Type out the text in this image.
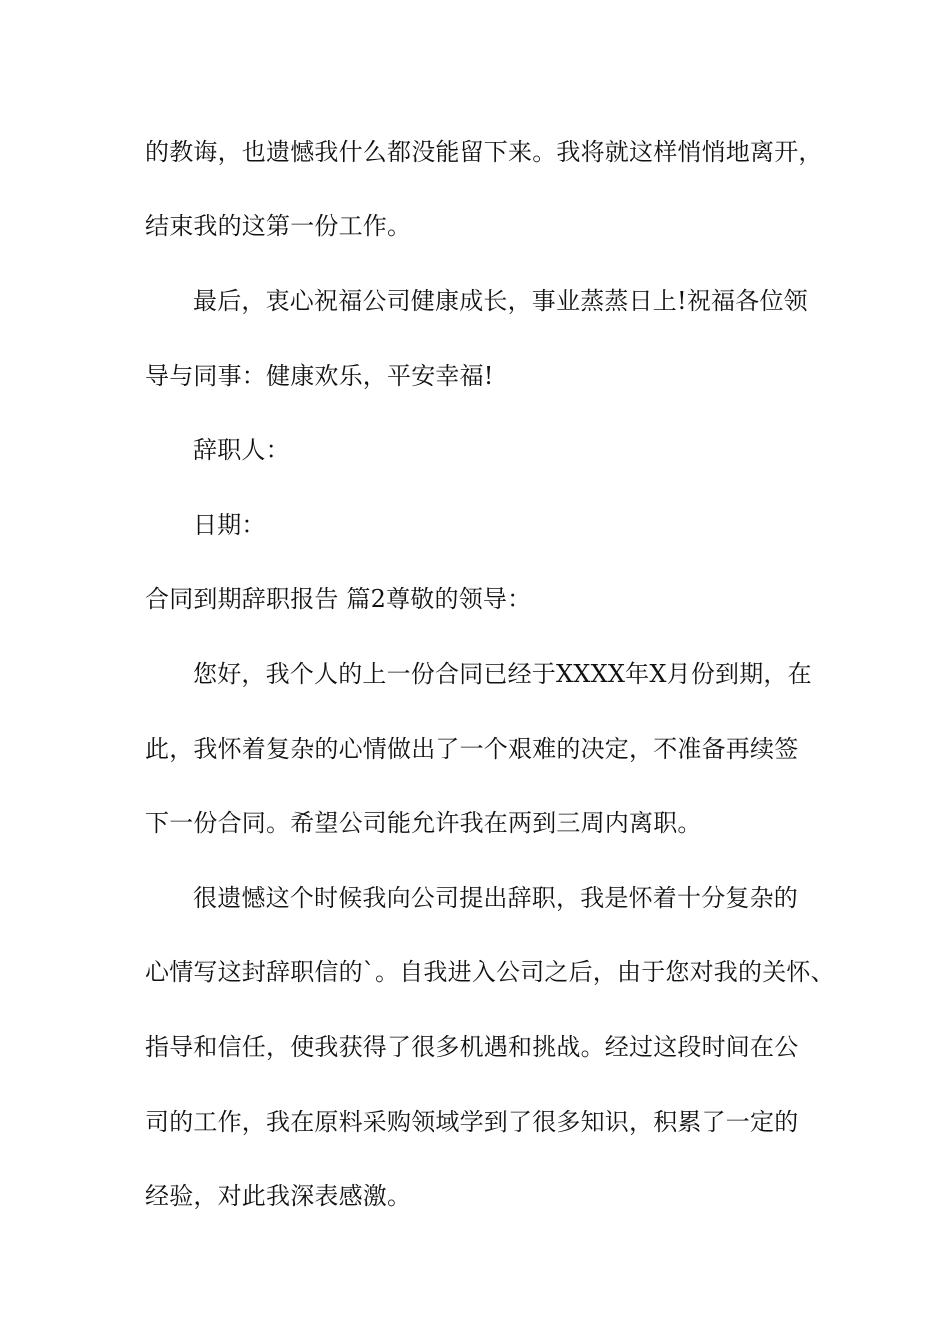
的教诲，也遗憾我什么都没能留下来。我将就这样悄悄地离开，
结束我的这第一份工作。
最后，衷心祝福公司健康成长，事业蒸蒸日上!祝福各位领
导与同事：健康欢乐，平安幸福!
辞职人：
日期：
合同到期辞职报告 篇2尊敬的领导：
您好，我个人的上一份合同已经于XXXX年X月份到期，在
此，我怀着复杂的心情做出了一个艰难的决定，不准备再续签
下一份合同。希望公司能允许我在两到三周内离职。
很遗憾这个时候我向公司提出辞职，我是怀着十分复杂的
心情写这封辞职信的`。自我进入公司之后，由于您对我的关怀、
指导和信任，使我获得了很多机遇和挑战。经过这段时间在公
司的工作，我在原料采购领域学到了很多知识，积累了一定的
经验，对此我深表感激。
